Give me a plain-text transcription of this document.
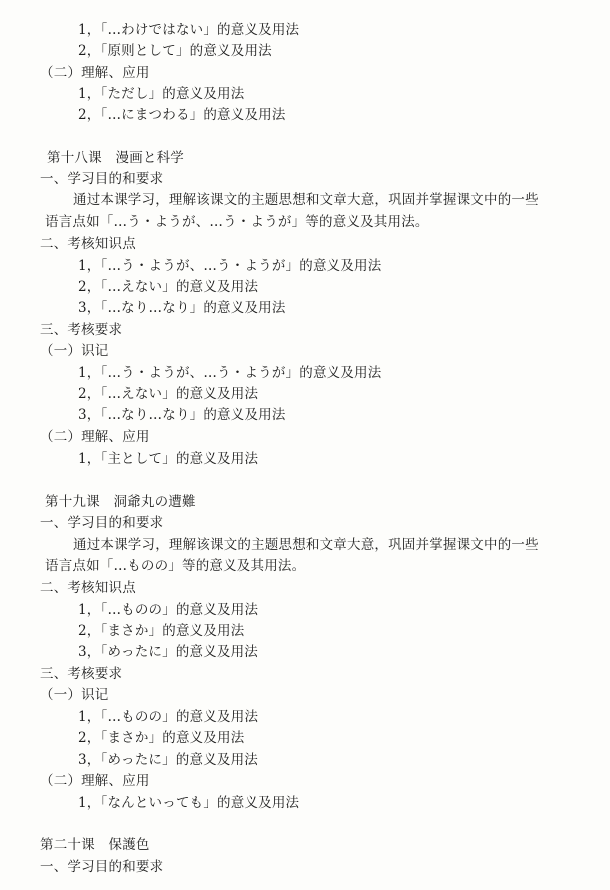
1，「…わけではない」的意义及用法
2，「原则として」的意义及用法
（二）理解、应用
1，「ただし」的意义及用法
2，「…にまつわる」的意义及用法
第十八课　漫画と科学
一、学习目的和要求
通过本课学习，理解该课文的主题思想和文章大意，巩固并掌握课文中的一些
语言点如「…う・ようが、…う・ようが」等的意义及其用法。
二、考核知识点
1，「…う・ようが、…う・ようが」的意义及用法
2，「…えない」的意义及用法
3，「…なり…なり」的意义及用法
三、考核要求
（一）识记
1，「…う・ようが、…う・ようが」的意义及用法
2，「…えない」的意义及用法
3，「…なり…なり」的意义及用法
（二）理解、应用
1，「主として」的意义及用法
第十九课　洞爺丸の遭難
一、学习目的和要求
通过本课学习，理解该课文的主题思想和文章大意，巩固并掌握课文中的一些
语言点如「…ものの」等的意义及其用法。
二、考核知识点
1，「…ものの」的意义及用法
2，「まさか」的意义及用法
3，「めったに」的意义及用法
三、考核要求
（一）识记
1，「…ものの」的意义及用法
2，「まさか」的意义及用法
3，「めったに」的意义及用法
（二）理解、应用
1，「なんといっても」的意义及用法
第二十课　保護色
一、学习目的和要求
